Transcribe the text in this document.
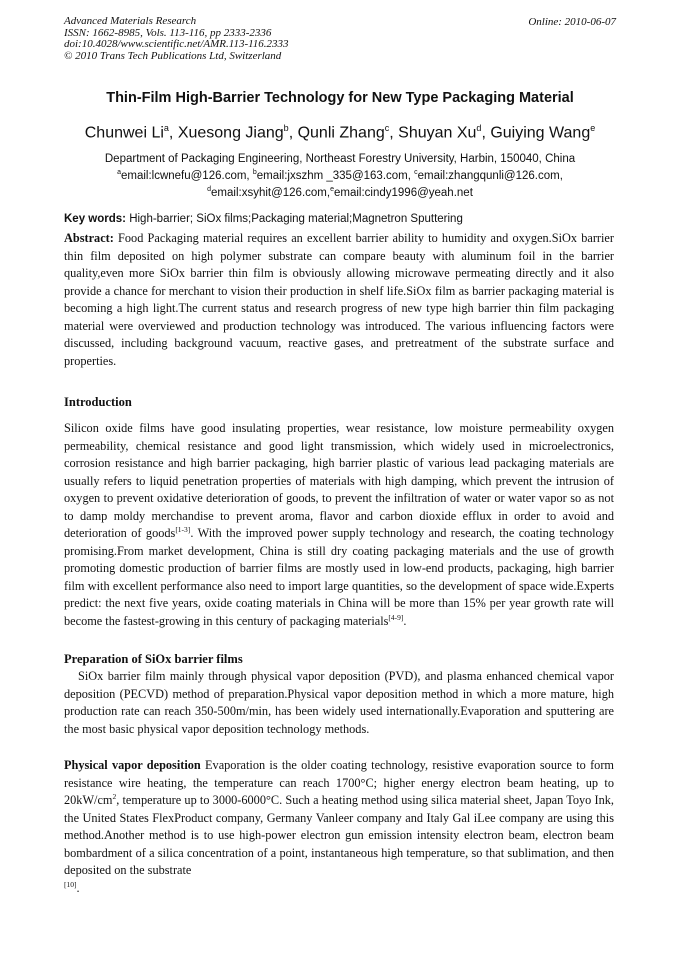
Advanced Materials Research
ISSN: 1662-8985, Vols. 113-116, pp 2333-2336
doi:10.4028/www.scientific.net/AMR.113-116.2333
© 2010 Trans Tech Publications Ltd, Switzerland
Online: 2010-06-07
Thin-Film High-Barrier Technology for New Type Packaging Material
Chunwei Li$^a$, Xuesong Jiang$^b$, Qunli Zhang$^c$, Shuyan Xu$^d$, Guiying Wang$^e$
Department of Packaging Engineering, Northeast Forestry University, Harbin, 150040, China
$^a$email:lcwnefu@126.com, $^b$email:jxszhm _335@163.com, $^c$email:zhangqunli@126.com,
$^d$email:xsyhit@126.com,$^e$email:cindy1996@yeah.net
Key words: High-barrier; SiOx films;Packaging material;Magnetron Sputtering
Abstract: Food Packaging material requires an excellent barrier ability to humidity and oxygen.SiOx barrier thin film deposited on high polymer substrate can compare beauty with aluminum foil in the barrier quality,even more SiOx barrier thin film is obviously allowing microwave permeating directly and it also provide a chance for merchant to vision their production in shelf life.SiOx film as barrier packaging material is becoming a high light.The current status and research progress of new type high barrier thin film packaging material were overviewed and production technology was introduced. The various influencing factors were discussed, including background vacuum, reactive gases, and pretreatment of the substrate surface and properties.
Introduction
Silicon oxide films have good insulating properties, wear resistance, low moisture permeability oxygen permeability, chemical resistance and good light transmission, which widely used in microelectronics, corrosion resistance and high barrier packaging, high barrier plastic of various lead packaging materials are usually refers to liquid penetration properties of materials with high damping, which prevent the intrusion of oxygen to prevent oxidative deterioration of goods, to prevent the infiltration of water or water vapor so as not to damp moldy merchandise to prevent aroma, flavor and carbon dioxide efflux in order to avoid and deterioration of goods[1-3]. With the improved power supply technology and research, the coating technology promising.From market development, China is still dry coating packaging materials and the use of growth promoting domestic production of barrier films are mostly used in low-end products, packaging, high barrier film with excellent performance also need to import large quantities, so the development of space wide.Experts predict: the next five years, oxide coating materials in China will be more than 15% per year growth rate will become the fastest-growing in this century of packaging materials[4-9].
Preparation of SiOx barrier films
SiOx barrier film mainly through physical vapor deposition (PVD), and plasma enhanced chemical vapor deposition (PECVD) method of preparation.Physical vapor deposition method in which a more mature, high production rate can reach 350-500m/min, has been widely used internationally.Evaporation and sputtering are the most basic physical vapor deposition technology methods.
Physical vapor deposition Evaporation is the older coating technology, resistive evaporation source to form resistance wire heating, the temperature can reach 1700°C; higher energy electron beam heating, up to $20kW/cm^2$, temperature up to 3000-6000°C. Such a heating method using silica material sheet, Japan Toyo Ink, the United States FlexProduct company, Germany Vanleer company and Italy Gal iLee company are using this method.Another method is to use high-power electron gun emission intensity electron beam, electron beam bombardment of a silica concentration of a point, instantaneous high temperature, so that sublimation, and then deposited on the substrate
[10].
